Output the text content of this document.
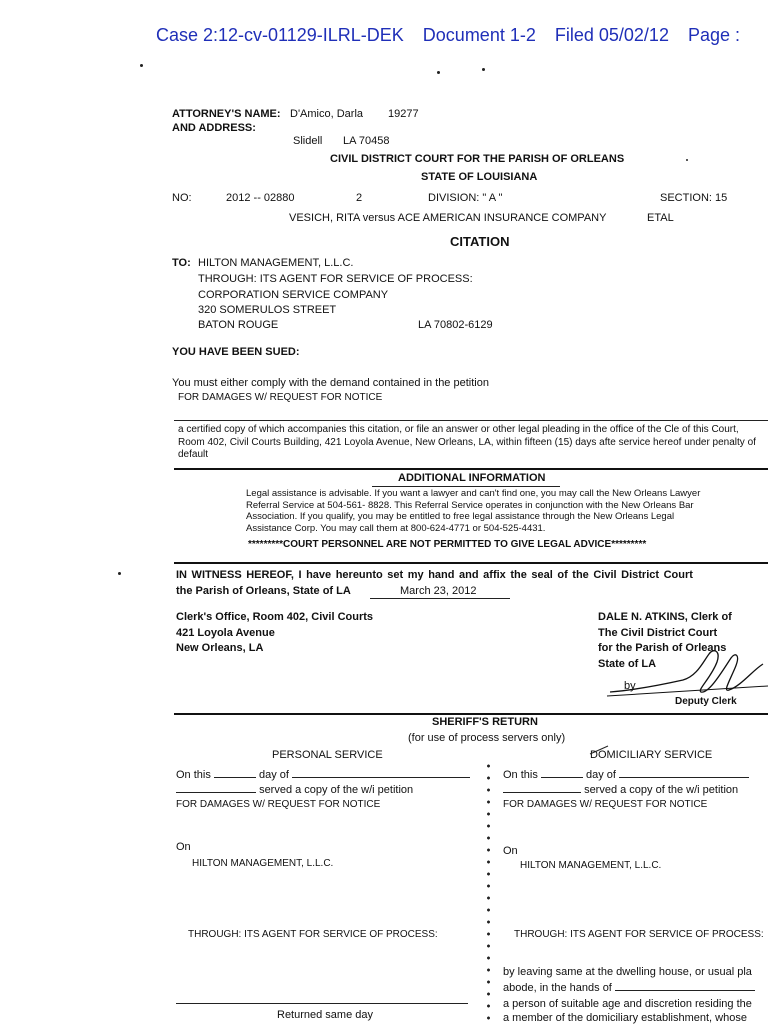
Case 2:12-cv-01129-ILRL-DEK Document 1-2 Filed 05/02/12 Page :
ATTORNEY'S NAME: D'Amico, Darla 19277
AND ADDRESS:
Slidell LA 70458
CIVIL DISTRICT COURT FOR THE PARISH OF ORLEANS
STATE OF LOUISIANA
NO:	2012 -- 02880	2	DIVISION: " A "	SECTION: 15
VESICH, RITA versus ACE AMERICAN INSURANCE COMPANY	ETAL
CITATION
TO: HILTON MANAGEMENT, L.L.C.
THROUGH: ITS AGENT FOR SERVICE OF PROCESS:
CORPORATION SERVICE COMPANY
320 SOMERULOS STREET
BATON ROUGE	LA 70802-6129
YOU HAVE BEEN SUED:
You must either comply with the demand contained in the petition
FOR DAMAGES W/ REQUEST FOR NOTICE
a certified copy of which accompanies this citation, or file an answer or other legal pleading in the office of the Cle of this Court, Room 402, Civil Courts Building, 421 Loyola Avenue, New Orleans, LA, within fifteen (15) days afte service hereof under penalty of default
ADDITIONAL INFORMATION
Legal assistance is advisable. If you want a lawyer and can't find one, you may call the New Orleans Lawyer Referral Service at 504-561- 8828. This Referral Service operates in conjunction with the New Orleans Bar Association. If you qualify, you may be entitled to free legal assistance through the New Orleans Legal Assistance Corp. You may call them at 800-624-4771 or 504-525-4431.
*********COURT PERSONNEL ARE NOT PERMITTED TO GIVE LEGAL ADVICE*********
IN WITNESS HEREOF, I have hereunto set my hand and affix the seal of the Civil District Court
the Parish of Orleans, State of LA	March 23, 2012
Clerk's Office, Room 402, Civil Courts
421 Loyola Avenue
New Orleans, LA
DALE N. ATKINS, Clerk of
The Civil District Court
for the Parish of Orleans
State of LA
by
Deputy Clerk
SHERIFF'S RETURN
(for use of process servers only)
PERSONAL SERVICE
On this	day of
served a copy of the w/i petition
FOR DAMAGES W/ REQUEST FOR NOTICE
On
HILTON MANAGEMENT, L.L.C.
THROUGH: ITS AGENT FOR SERVICE OF PROCESS:
Returned same day
DOMICILIARY SERVICE
On this	day of
served a copy of the w/i petition
FOR DAMAGES W/ REQUEST FOR NOTICE
On
HILTON MANAGEMENT, L.L.C.
THROUGH: ITS AGENT FOR SERVICE OF PROCESS:
by leaving same at the dwelling house, or usual pla
abode, in the hands of
a person of suitable age and discretion residing the
a member of the domiciliary establishment, whose
